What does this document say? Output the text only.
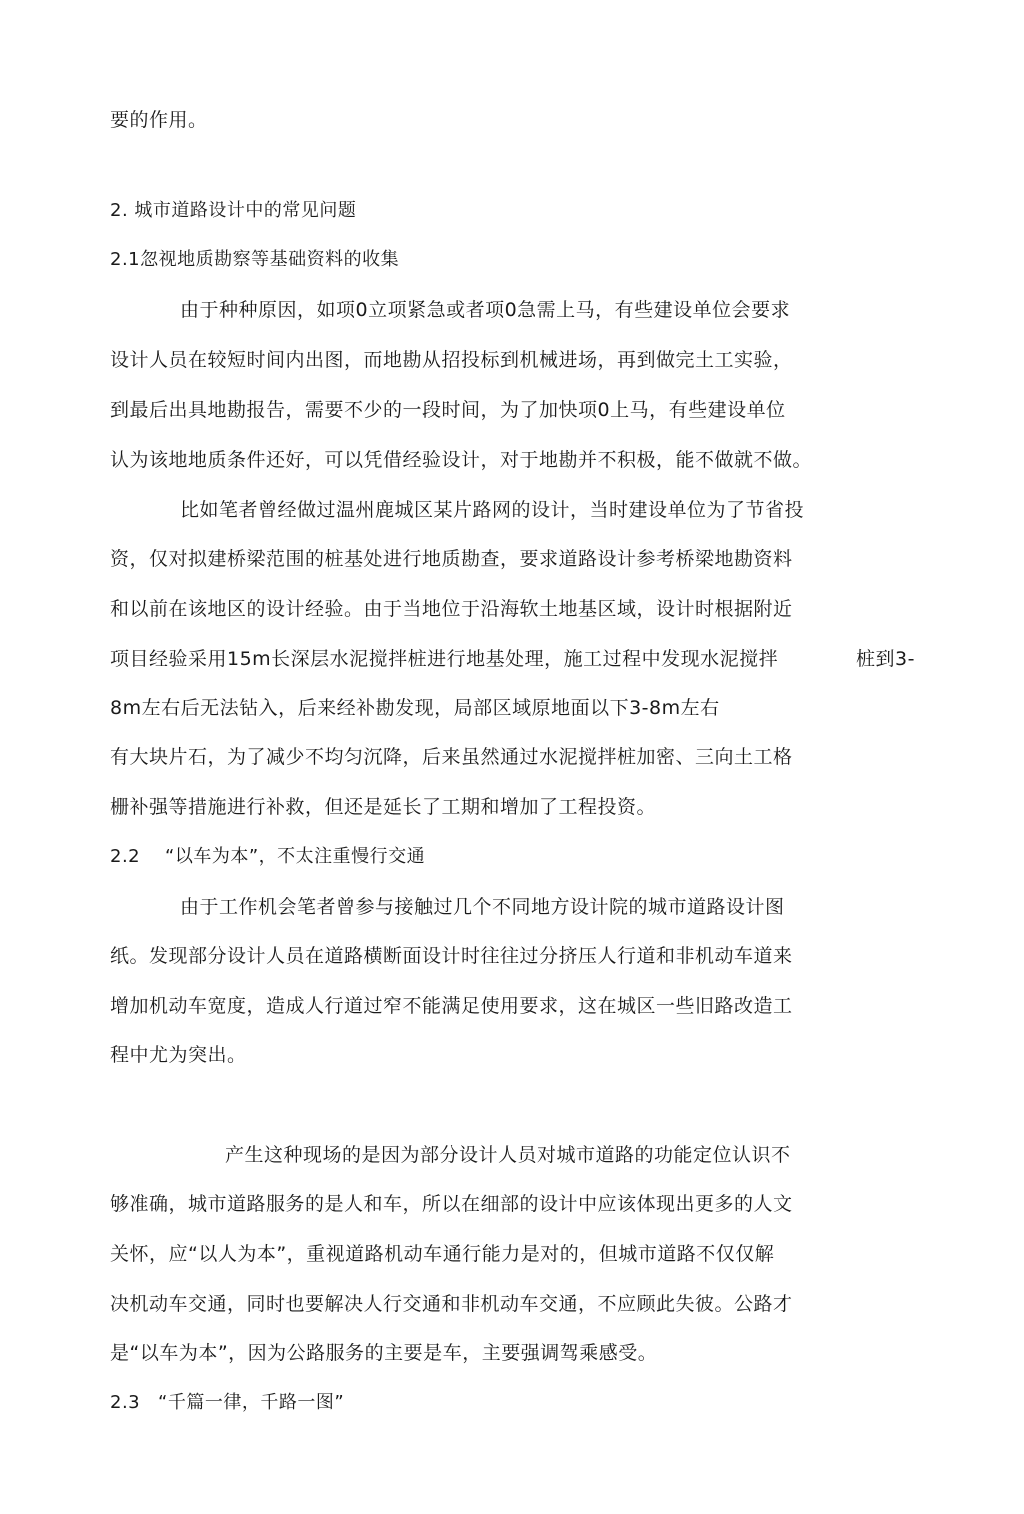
要的作用。
2. 城市道路设计中的常见问题
2.1忽视地质勘察等基础资料的收集
由于种种原因，如项0立项紧急或者项0急需上马，有些建设单位会要求
设计人员在较短时间内出图，而地勘从招投标到机械进场，再到做完土工实验，
到最后出具地勘报告，需要不少的一段时间，为了加快项0上马，有些建设单位
认为该地地质条件还好，可以凭借经验设计，对于地勘并不积极，能不做就不做。
比如笔者曾经做过温州鹿城区某片路网的设计，当时建设单位为了节省投
资，仅对拟建桥梁范围的桩基处进行地质勘查，要求道路设计参考桥梁地勘资料
和以前在该地区的设计经验。由于当地位于沿海软土地基区域，设计时根据附近
项目经验采用15m长深层水泥搅拌桩进行地基处理，施工过程中发现水泥搅拌	桩到3-
8m左右后无法钻入，后来经补勘发现，局部区域原地面以下3-8m左右
有大块片石，为了减少不均匀沉降，后来虽然通过水泥搅拌桩加密、三向土工格
栅补强等措施进行补救，但还是延长了工期和增加了工程投资。
2.2 “以车为本”，不太注重慢行交通
由于工作机会笔者曾参与接触过几个不同地方设计院的城市道路设计图
纸。发现部分设计人员在道路横断面设计时往往过分挤压人行道和非机动车道来
增加机动车宽度，造成人行道过窄不能满足使用要求，这在城区一些旧路改造工
程中尤为突出。
产生这种现场的是因为部分设计人员对城市道路的功能定位认识不
够准确，城市道路服务的是人和车，所以在细部的设计中应该体现出更多的人文
关怀，应“以人为本”，重视道路机动车通行能力是对的，但城市道路不仅仅解
决机动车交通，同时也要解决人行交通和非机动车交通，不应顾此失彼。公路才
是“以车为本”，因为公路服务的主要是车，主要强调驾乘感受。
2.3 “千篇一律，千路一图”
